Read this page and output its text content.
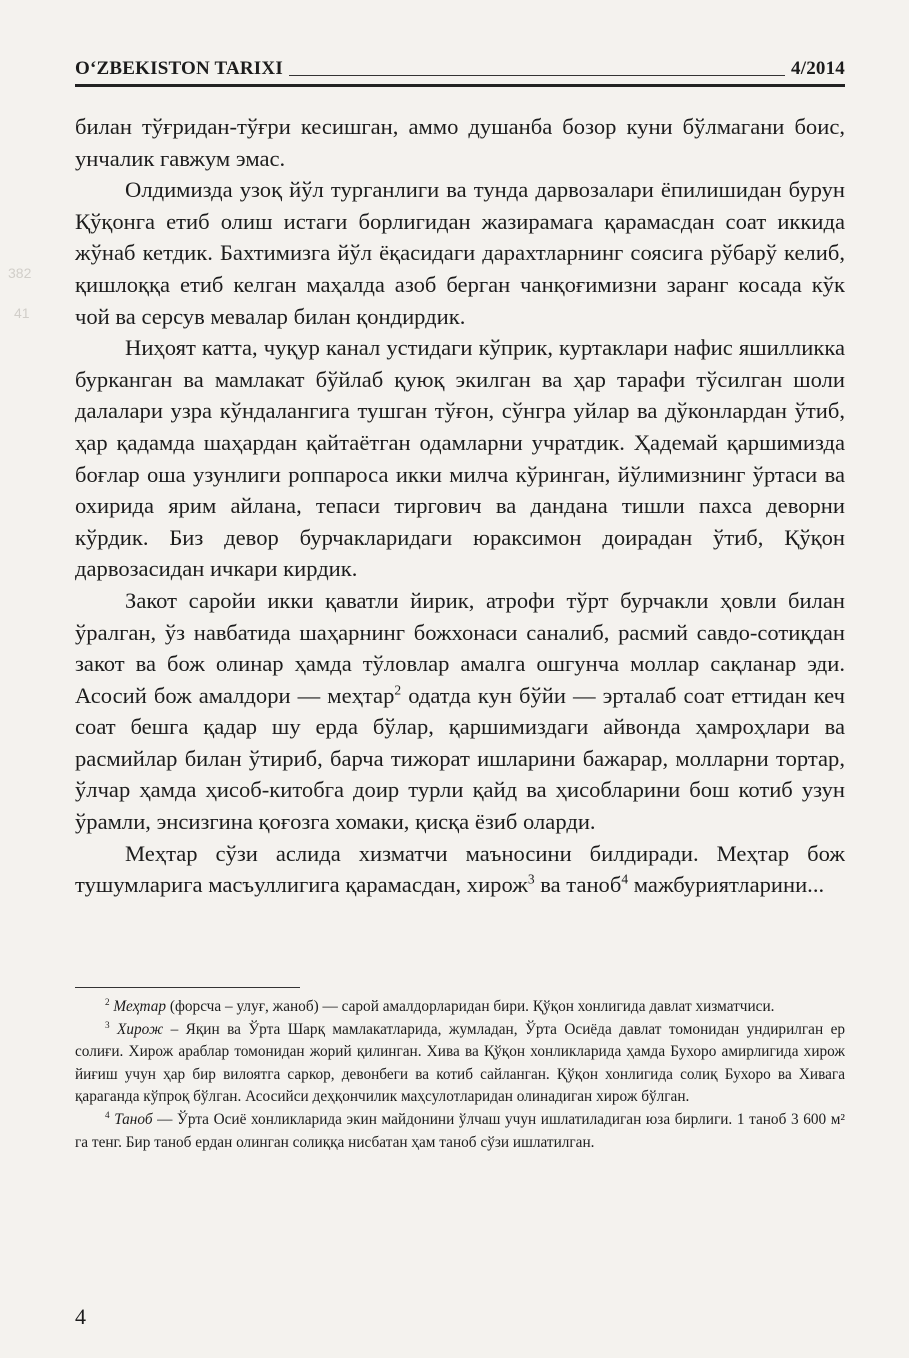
382
41
O‘ZBEKISTON TARIXI	4/2014

билан тўғридан-тўғри кесишган, аммо душанба бозор куни бўлмагани боис, унчалик гавжум эмас.

Олдимизда узоқ йўл турганлиги ва тунда дарвозалари ёпилишидан бурун Қўқонга етиб олиш истаги борлигидан жазирамага қарамасдан соат иккида жўнаб кетдик. Бахтимизга йўл ёқасидаги дарахтларнинг соясига рўбарў келиб, қишлоққа етиб келган маҳалда азоб берган чанқоғимизни заранг косада кўк чой ва серсув мевалар билан қондирдик.

Ниҳоят катта, чуқур канал устидаги кўприк, куртаклари нафис яшилликка бурканган ва мамлакат бўйлаб қуюқ экилган ва ҳар тарафи тўсилган шоли далалари узра кўндалангига тушган тўғон, сўнгра уйлар ва дўконлардан ўтиб, ҳар қадамда шаҳардан қайтаётган одамларни учратдик. Ҳадемай қаршимизда боғлар оша узунлиги роппароса икки милча кўринган, йўлимизнинг ўртаси ва охирида ярим айлана, тепаси тиргович ва дандана тишли пахса деворни кўрдик. Биз девор бурчакларидаги юраксимон доирадан ўтиб, Қўқон дарвозасидан ичкари кирдик.

Закот саройи икки қаватли йирик, атрофи тўрт бурчакли ҳовли билан ўралган, ўз навбатида шаҳарнинг божхонаси саналиб, расмий савдо-сотиқдан закот ва бож олинар ҳамда тўловлар амалга ошгунча моллар сақланар эди. Асосий бож амалдори — меҳтар$^2$ одатда кун бўйи — эрталаб соат еттидан кеч соат бешга қадар шу ерда бўлар, қаршимиздаги айвонда ҳамроҳлари ва расмийлар билан ўтириб, барча тижорат ишларини бажарар, молларни тортар, ўлчар ҳамда ҳисоб-китобга доир турли қайд ва ҳисобларини бош котиб узун ўрамли, энсизгина қоғозга хомаки, қисқа ёзиб оларди.

Меҳтар сўзи аслида хизматчи маъносини билдиради. Меҳтар бож тушумларига масъуллигига қарамасдан, хирож$^3$ ва таноб$^4$ мажбуриятларини...

$^2$ Меҳтар (форсча – улуғ, жаноб) — сарой амалдорларидан бири. Қўқон хонлигида давлат хизматчиси.

$^3$ Хирож – Яқин ва Ўрта Шарқ мамлакатларида, жумладан, Ўрта Осиёда давлат томонидан ундирилган ер солиғи. Хирож араблар томонидан жорий қилинган. Хива ва Қўқон хонликларида ҳамда Бухоро амирлигида хирож йиғиш учун ҳар бир вилоятга саркор, девонбеги ва котиб сайланган. Қўқон хонлигида солиқ Бухоро ва Хивага қараганда кўпроқ бўлган. Асосийси деҳқончилик маҳсулотларидан олинадиган хирож бўлган.

$^4$ Таноб — Ўрта Осиё хонликларида экин майдонини ўлчаш учун ишлатиладиган юза бирлиги. 1 таноб 3 600 м² га тенг. Бир таноб ердан олинган солиққа нисбатан ҳам таноб сўзи ишлатилган.

4
